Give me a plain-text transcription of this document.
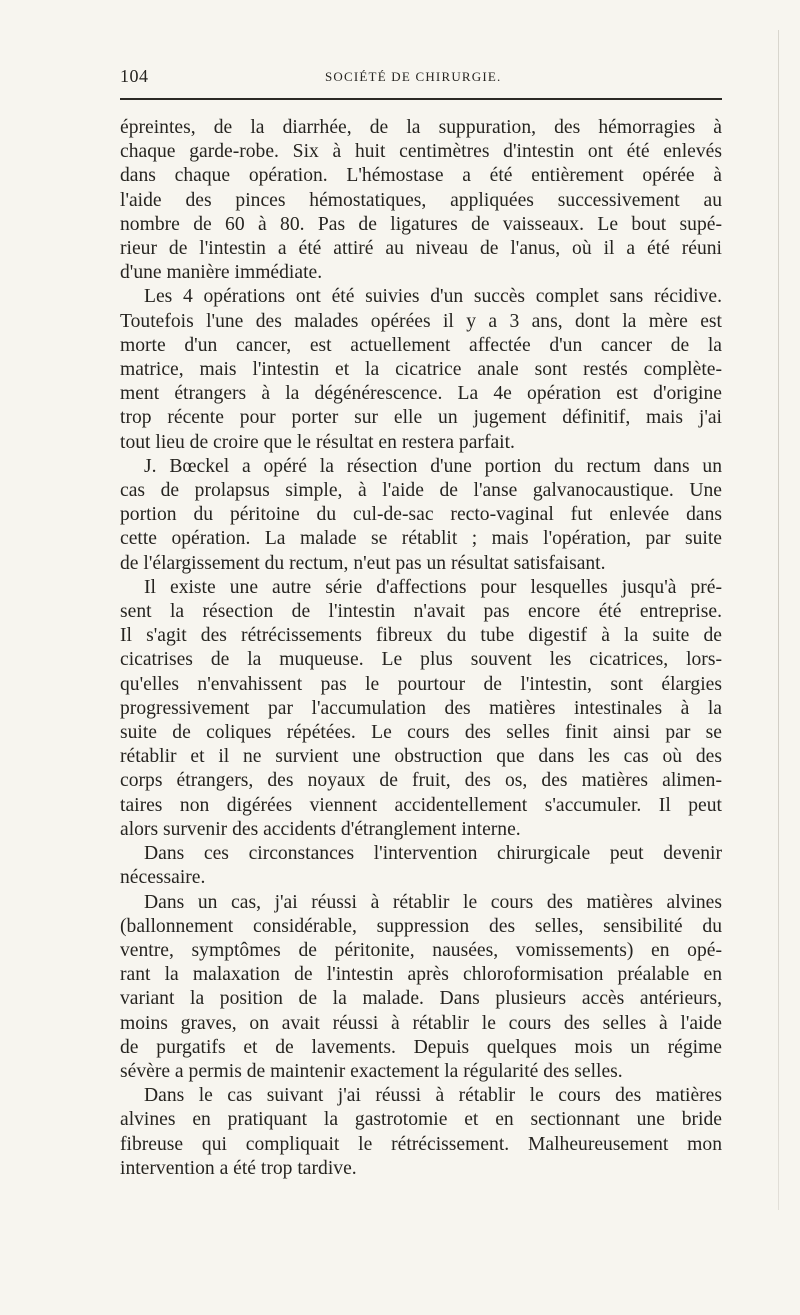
104	SOCIÉTÉ DE CHIRURGIE.

épreintes, de la diarrhée, de la suppuration, des hémorragies à

chaque garde-robe. Six à huit centimètres d'intestin ont été enlevés

dans chaque opération. L'hémostase a été entièrement opérée à

l'aide des pinces hémostatiques, appliquées successivement au

nombre de 60 à 80. Pas de ligatures de vaisseaux. Le bout supé-

rieur de l'intestin a été attiré au niveau de l'anus, où il a été réuni

d'une manière immédiate.

Les 4 opérations ont été suivies d'un succès complet sans récidive.

Toutefois l'une des malades opérées il y a 3 ans, dont la mère est

morte d'un cancer, est actuellement affectée d'un cancer de la

matrice, mais l'intestin et la cicatrice anale sont restés complète-

ment étrangers à la dégénérescence. La 4e opération est d'origine

trop récente pour porter sur elle un jugement définitif, mais j'ai

tout lieu de croire que le résultat en restera parfait.

J. Bœckel a opéré la résection d'une portion du rectum dans un

cas de prolapsus simple, à l'aide de l'anse galvanocaustique. Une

portion du péritoine du cul-de-sac recto-vaginal fut enlevée dans

cette opération. La malade se rétablit ; mais l'opération, par suite

de l'élargissement du rectum, n'eut pas un résultat satisfaisant.

Il existe une autre série d'affections pour lesquelles jusqu'à pré-

sent la résection de l'intestin n'avait pas encore été entreprise.

Il s'agit des rétrécissements fibreux du tube digestif à la suite de

cicatrises de la muqueuse. Le plus souvent les cicatrices, lors-

qu'elles n'envahissent pas le pourtour de l'intestin, sont élargies

progressivement par l'accumulation des matières intestinales à la

suite de coliques répétées. Le cours des selles finit ainsi par se

rétablir et il ne survient une obstruction que dans les cas où des

corps étrangers, des noyaux de fruit, des os, des matières alimen-

taires non digérées viennent accidentellement s'accumuler. Il peut

alors survenir des accidents d'étranglement interne.

Dans ces circonstances l'intervention chirurgicale peut devenir

nécessaire.

Dans un cas, j'ai réussi à rétablir le cours des matières alvines

(ballonnement considérable, suppression des selles, sensibilité du

ventre, symptômes de péritonite, nausées, vomissements) en opé-

rant la malaxation de l'intestin après chloroformisation préalable en

variant la position de la malade. Dans plusieurs accès antérieurs,

moins graves, on avait réussi à rétablir le cours des selles à l'aide

de purgatifs et de lavements. Depuis quelques mois un régime

sévère a permis de maintenir exactement la régularité des selles.

Dans le cas suivant j'ai réussi à rétablir le cours des matières

alvines en pratiquant la gastrotomie et en sectionnant une bride

fibreuse qui compliquait le rétrécissement. Malheureusement mon

intervention a été trop tardive.
